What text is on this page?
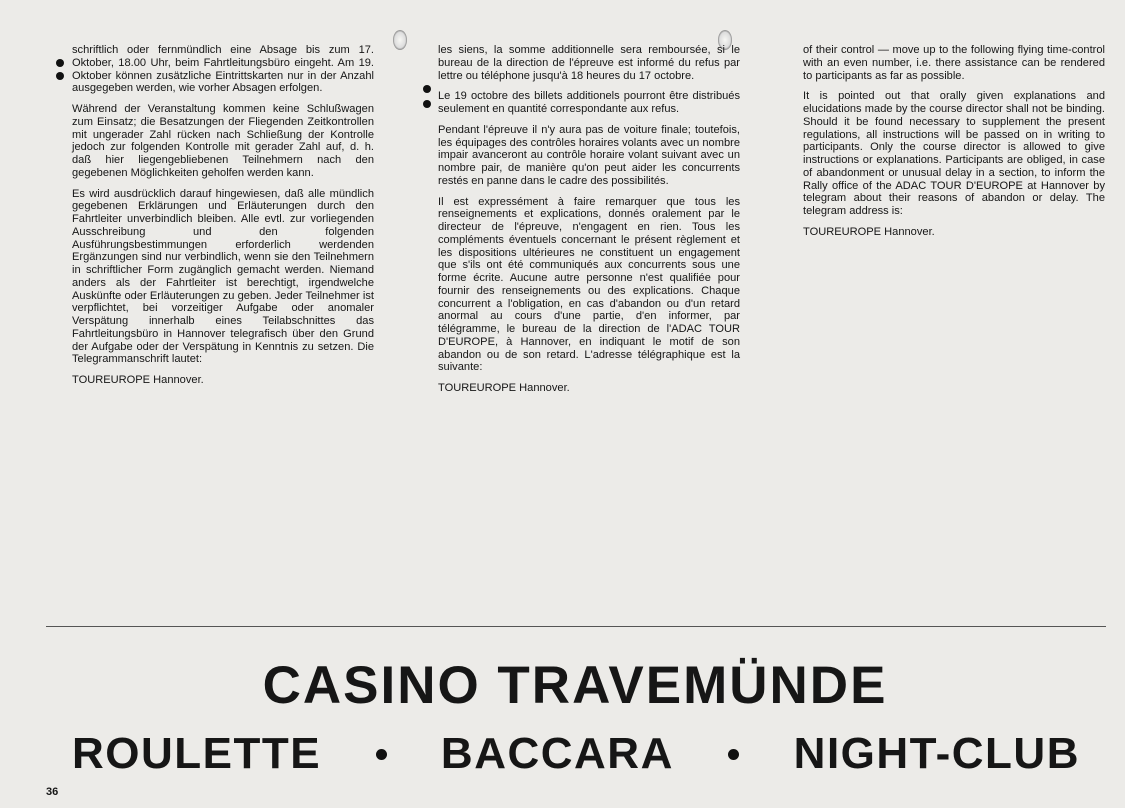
schriftlich oder fernmündlich eine Absage bis zum 17. Oktober, 18.00 Uhr, beim Fahrtleitungsbüro eingeht. Am 19. Oktober können zusätzliche Eintrittskarten nur in der Anzahl ausgegeben werden, wie vorher Absagen erfolgen.

Während der Veranstaltung kommen keine Schlußwagen zum Einsatz; die Besatzungen der Fliegenden Zeitkontrollen mit ungerader Zahl rücken nach Schließung der Kontrolle jedoch zur folgenden Kontrolle mit gerader Zahl auf, d. h. daß hier liegengebliebenen Teilnehmern nach den gegebenen Möglichkeiten geholfen werden kann.

Es wird ausdrücklich darauf hingewiesen, daß alle mündlich gegebenen Erklärungen und Erläuterungen durch den Fahrtleiter unverbindlich bleiben. Alle evtl. zur vorliegenden Ausschreibung und den folgenden Ausführungsbestimmungen erforderlich werdenden Ergänzungen sind nur verbindlich, wenn sie den Teilnehmern in schriftlicher Form zugänglich gemacht werden. Niemand anders als der Fahrtleiter ist berechtigt, irgendwelche Auskünfte oder Erläuterungen zu geben. Jeder Teilnehmer ist verpflichtet, bei vorzeitiger Aufgabe oder anomaler Verspätung innerhalb eines Teilabschnittes das Fahrtleitungsbüro in Hannover telegrafisch über den Grund der Aufgabe oder der Verspätung in Kenntnis zu setzen. Die Telegrammanschrift lautet:

TOUREUROPE Hannover.

les siens, la somme additionnelle sera remboursée, si le bureau de la direction de l'épreuve est informé du refus par lettre ou téléphone jusqu'à 18 heures du 17 octobre.

Le 19 octobre des billets additionels pourront être distribués seulement en quantité correspondante aux refus.

Pendant l'épreuve il n'y aura pas de voiture finale; toutefois, les équipages des contrôles horaires volants avec un nombre impair avanceront au contrôle horaire volant suivant avec un nombre pair, de manière qu'on peut aider les concurrents restés en panne dans le cadre des possibilités.

Il est expressément à faire remarquer que tous les renseignements et explications, donnés oralement par le directeur de l'épreuve, n'engagent en rien. Tous les compléments éventuels concernant le présent règlement et les dispositions ultérieures ne constituent un engagement que s'ils ont été communiqués aux concurrents sous une forme écrite. Aucune autre personne n'est qualifiée pour fournir des renseignements ou des explications. Chaque concurrent a l'obligation, en cas d'abandon ou d'un retard anormal au cours d'une partie, d'en informer, par télégramme, le bureau de la direction de l'ADAC TOUR D'EUROPE, à Hannover, en indiquant le motif de son abandon ou de son retard. L'adresse télégraphique est la suivante:

TOUREUROPE Hannover.

of their control — move up to the following flying time-control with an even number, i.e. there assistance can be rendered to participants as far as possible.

It is pointed out that orally given explanations and elucidations made by the course director shall not be binding. Should it be found necessary to supplement the present regulations, all instructions will be passed on in writing to participants. Only the course director is allowed to give instructions or explanations. Participants are obliged, in case of abandonment or unusual delay in a section, to inform the Rally office of the ADAC TOUR D'EUROPE at Hannover by telegram about their reasons of abandon or delay. The telegram address is:

TOUREUROPE Hannover.

CASINO TRAVEMÜNDE
ROULETTE	BACCARA	NIGHT-CLUB
36
